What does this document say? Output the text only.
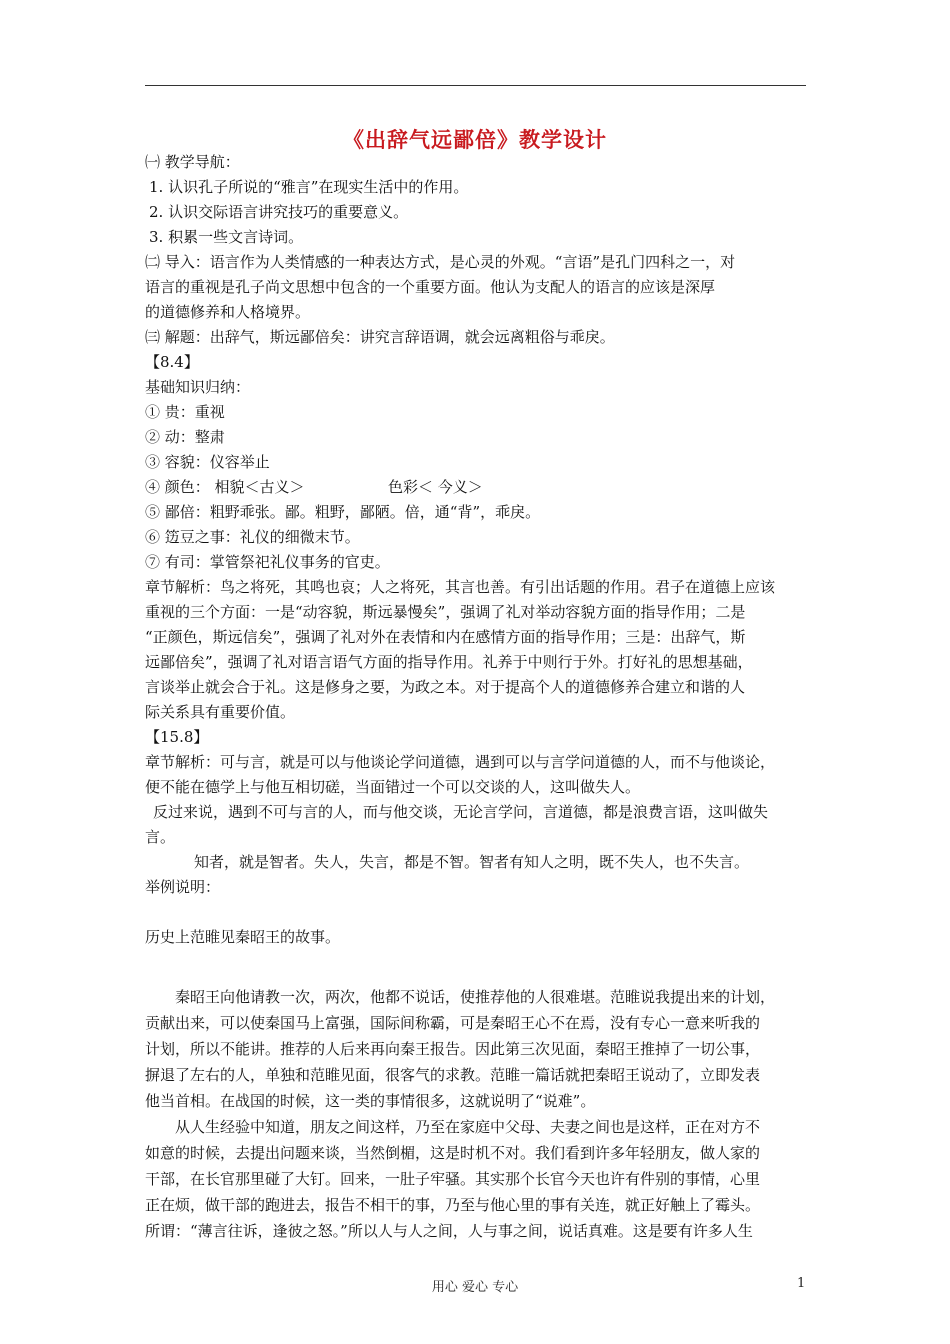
《出辞气远鄙倍》教学设计
㈠ 教学导航：
1. 认识孔子所说的“雅言”在现实生活中的作用。
2. 认识交际语言讲究技巧的重要意义。
3. 积累一些文言诗词。
㈡ 导入：语言作为人类情感的一种表达方式，是心灵的外观。“言语”是孔门四科之一，对
语言的重视是孔子尚文思想中包含的一个重要方面。他认为支配人的语言的应该是深厚
的道德修养和人格境界。
㈢ 解题：出辞气，斯远鄙倍矣：讲究言辞语调，就会远离粗俗与乖戾。
【8.4】
基础知识归纳：
① 贵：重视
② 动：整肃
③ 容貌：仪容举止
④ 颜色： 相貌＜古义＞	色彩＜ 今义＞
⑤ 鄙倍：粗野乖张。鄙。粗野，鄙陋。倍，通“背”，乖戾。
⑥ 笾豆之事：礼仪的细微末节。
⑦ 有司：掌管祭祀礼仪事务的官吏。
章节解析：鸟之将死，其鸣也哀；人之将死，其言也善。有引出话题的作用。君子在道德上应该
重视的三个方面：一是“动容貌，斯远暴慢矣”，强调了礼对举动容貌方面的指导作用；二是
“正颜色，斯远信矣”，强调了礼对外在表情和内在感情方面的指导作用；三是：出辞气，斯
远鄙倍矣”，强调了礼对语言语气方面的指导作用。礼养于中则行于外。打好礼的思想基础，
言谈举止就会合于礼。这是修身之要，为政之本。对于提高个人的道德修养合建立和谐的人
际关系具有重要价值。
【15.8】
章节解析：可与言，就是可以与他谈论学问道德，遇到可以与言学问道德的人，而不与他谈论，
便不能在德学上与他互相切磋，当面错过一个可以交谈的人，这叫做失人。
反过来说，遇到不可与言的人，而与他交谈，无论言学问，言道德，都是浪费言语，这叫做失
言。
知者，就是智者。失人，失言，都是不智。智者有知人之明，既不失人，也不失言。
举例说明：
历史上范睢见秦昭王的故事。
秦昭王向他请教一次，两次，他都不说话，使推荐他的人很难堪。范睢说我提出来的计划，
贡献出来，可以使秦国马上富强，国际间称霸，可是秦昭王心不在焉，没有专心一意来听我的
计划，所以不能讲。推荐的人后来再向秦王报告。因此第三次见面，秦昭王推掉了一切公事，
摒退了左右的人，单独和范睢见面，很客气的求教。范睢一篇话就把秦昭王说动了，立即发表
他当首相。在战国的时候，这一类的事情很多，这就说明了“说难”。
从人生经验中知道，朋友之间这样，乃至在家庭中父母、夫妻之间也是这样，正在对方不
如意的时候，去提出问题来谈，当然倒楣，这是时机不对。我们看到许多年轻朋友，做人家的
干部，在长官那里碰了大钉。回来，一肚子牢骚。其实那个长官今天也许有件别的事情，心里
正在烦，做干部的跑进去，报告不相干的事，乃至与他心里的事有关连，就正好触上了霉头。
所谓：“薄言往诉，逢彼之怒。”所以人与人之间，人与事之间，说话真难。这是要有许多人生
用心 爱心 专心	1
